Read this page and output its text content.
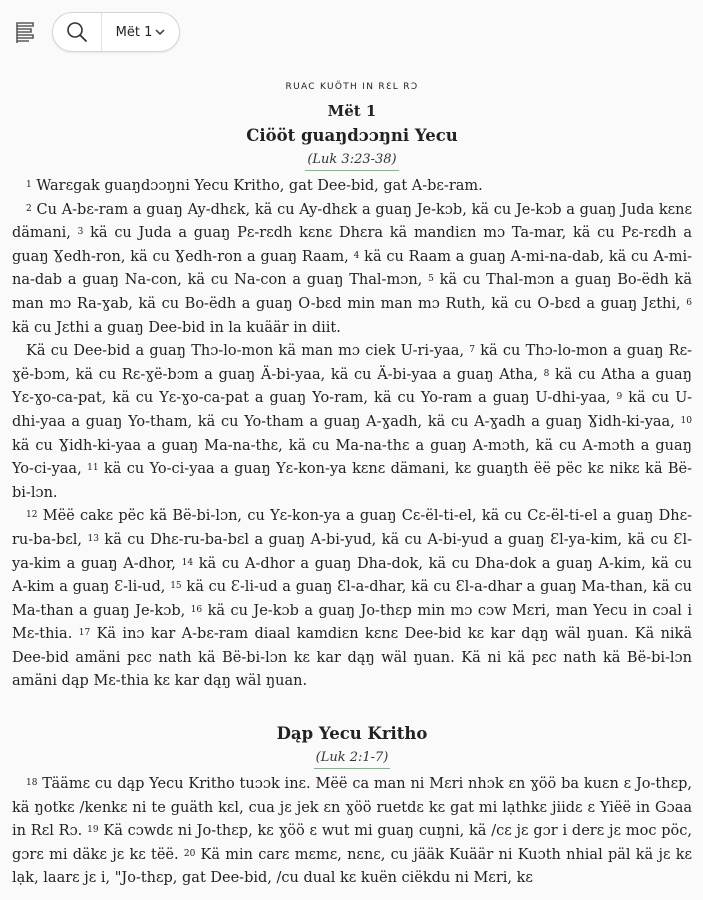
Mët 1
RUAC KUÖTH IN RƐL RƆ
Mët 1
Ciööt guaŋdɔɔŋni Yecu
(Luk 3:23-38)

$^1$ Warɛgak guaŋdɔɔŋni Yecu Kritho, gat Dee-bid, gat A-bɛ-ram.

$^2$ Cu A-bɛ-ram a guaŋ Ay-dhɛk, kä cu Ay-dhɛk a guaŋ Je-kɔb, kä cu Je-kɔb a guaŋ Juda kɛnɛ dämani, $^3$ kä cu Juda a guaŋ Pɛ-rɛdh kɛnɛ Dhɛra kä mandiɛn mɔ Ta-mar, kä cu Pɛ-rɛdh a guaŋ Ɣedh-ron, kä cu Ɣedh-ron a guaŋ Raam, $^4$ kä cu Raam a guaŋ A-mi-na-dab, kä cu A-mi-na-dab a guaŋ Na-con, kä cu Na-con a guaŋ Thal-mɔn, $^5$ kä cu Thal-mɔn a guaŋ Bo-ëdh kä man mɔ Ra-ɣab, kä cu Bo-ëdh a guaŋ O-bɛd min man mɔ Ruth, kä cu O-bɛd a guaŋ Jɛthi, $^6$ kä cu Jɛthi a guaŋ Dee-bid in la kuäär in diit.

Kä cu Dee-bid a guaŋ Thɔ-lo-mon kä man mɔ ciek U-ri-yaa, $^7$ kä cu Thɔ-lo-mon a guaŋ Rɛ-ɣë-bɔm, kä cu Rɛ-ɣë-bɔm a guaŋ Ä-bi-yaa, kä cu Ä-bi-yaa a guaŋ Atha, $^8$ kä cu Atha a guaŋ Yɛ-ɣo-ca-pat, kä cu Yɛ-ɣo-ca-pat a guaŋ Yo-ram, kä cu Yo-ram a guaŋ U-dhi-yaa, $^9$ kä cu U-dhi-yaa a guaŋ Yo-tham, kä cu Yo-tham a guaŋ A-ɣadh, kä cu A-ɣadh a guaŋ Ɣidh-ki-yaa, $^{10}$ kä cu Ɣidh-ki-yaa a guaŋ Ma-na-thɛ, kä cu Ma-na-thɛ a guaŋ A-mɔth, kä cu A-mɔth a guaŋ Yo-ci-yaa, $^{11}$ kä cu Yo-ci-yaa a guaŋ Yɛ-kon-ya kɛnɛ dämani, kɛ guaŋth ëë pëc kɛ nikɛ kä Bë-bi-lɔn.

$^{12}$ Mëë cakɛ pëc kä Bë-bi-lɔn, cu Yɛ-kon-ya a guaŋ Cɛ-ël-ti-el, kä cu Cɛ-ël-ti-el a guaŋ Dhɛ-ru-ba-bɛl, $^{13}$ kä cu Dhɛ-ru-ba-bɛl a guaŋ A-bi-yud, kä cu A-bi-yud a guaŋ Ɛl-ya-kim, kä cu Ɛl-ya-kim a guaŋ A-dhor, $^{14}$ kä cu A-dhor a guaŋ Dha-dok, kä cu Dha-dok a guaŋ A-kim, kä cu A-kim a guaŋ Ɛ-li-ud, $^{15}$ kä cu Ɛ-li-ud a guaŋ Ɛl-a-dhar, kä cu Ɛl-a-dhar a guaŋ Ma-than, kä cu Ma-than a guaŋ Je-kɔb, $^{16}$ kä cu Je-kɔb a guaŋ Jo-thɛp min mɔ cɔw Mɛri, man Yecu in cɔal i Mɛ-thia. $^{17}$ Kä inɔ kar A-bɛ-ram diaal kamdiɛn kɛnɛ Dee-bid kɛ kar dąŋ wäl ŋuan. Kä nikä Dee-bid amäni pɛc nath kä Bë-bi-lɔn kɛ kar dąŋ wäl ŋuan. Kä ni kä pɛc nath kä Bë-bi-lɔn amäni dąp Mɛ-thia kɛ kar dąŋ wäl ŋuan.

Dąp Yecu Kritho
(Luk 2:1-7)

$^{18}$ Täämɛ cu dąp Yecu Kritho tuɔɔk inɛ. Mëë ca man ni Mɛri nhɔk ɛn ɣöö ba kuɛn ɛ Jo-thɛp, kä ŋotkɛ /kenkɛ ni te guäth kɛl, cua jɛ jek ɛn ɣöö ruetdɛ kɛ gat mi lạthkɛ jiidɛ ɛ Yiëë in Gɔaa in Rɛl Rɔ. $^{19}$ Kä cɔwdɛ ni Jo-thɛp, kɛ ɣöö ɛ wut mi guaŋ cuŋni, kä /cɛ jɛ gɔr i derɛ jɛ moc pöc, gɔrɛ mi däkɛ jɛ kɛ tëë. $^{20}$ Kä min carɛ mɛmɛ, nɛnɛ, cu jääk Kuäär ni Kuɔth nhial päl kä jɛ kɛ lạk, laarɛ jɛ i, "Jo-thɛp, gat Dee-bid, /cu dual kɛ kuën ciëkdu ni Mɛri, kɛ
